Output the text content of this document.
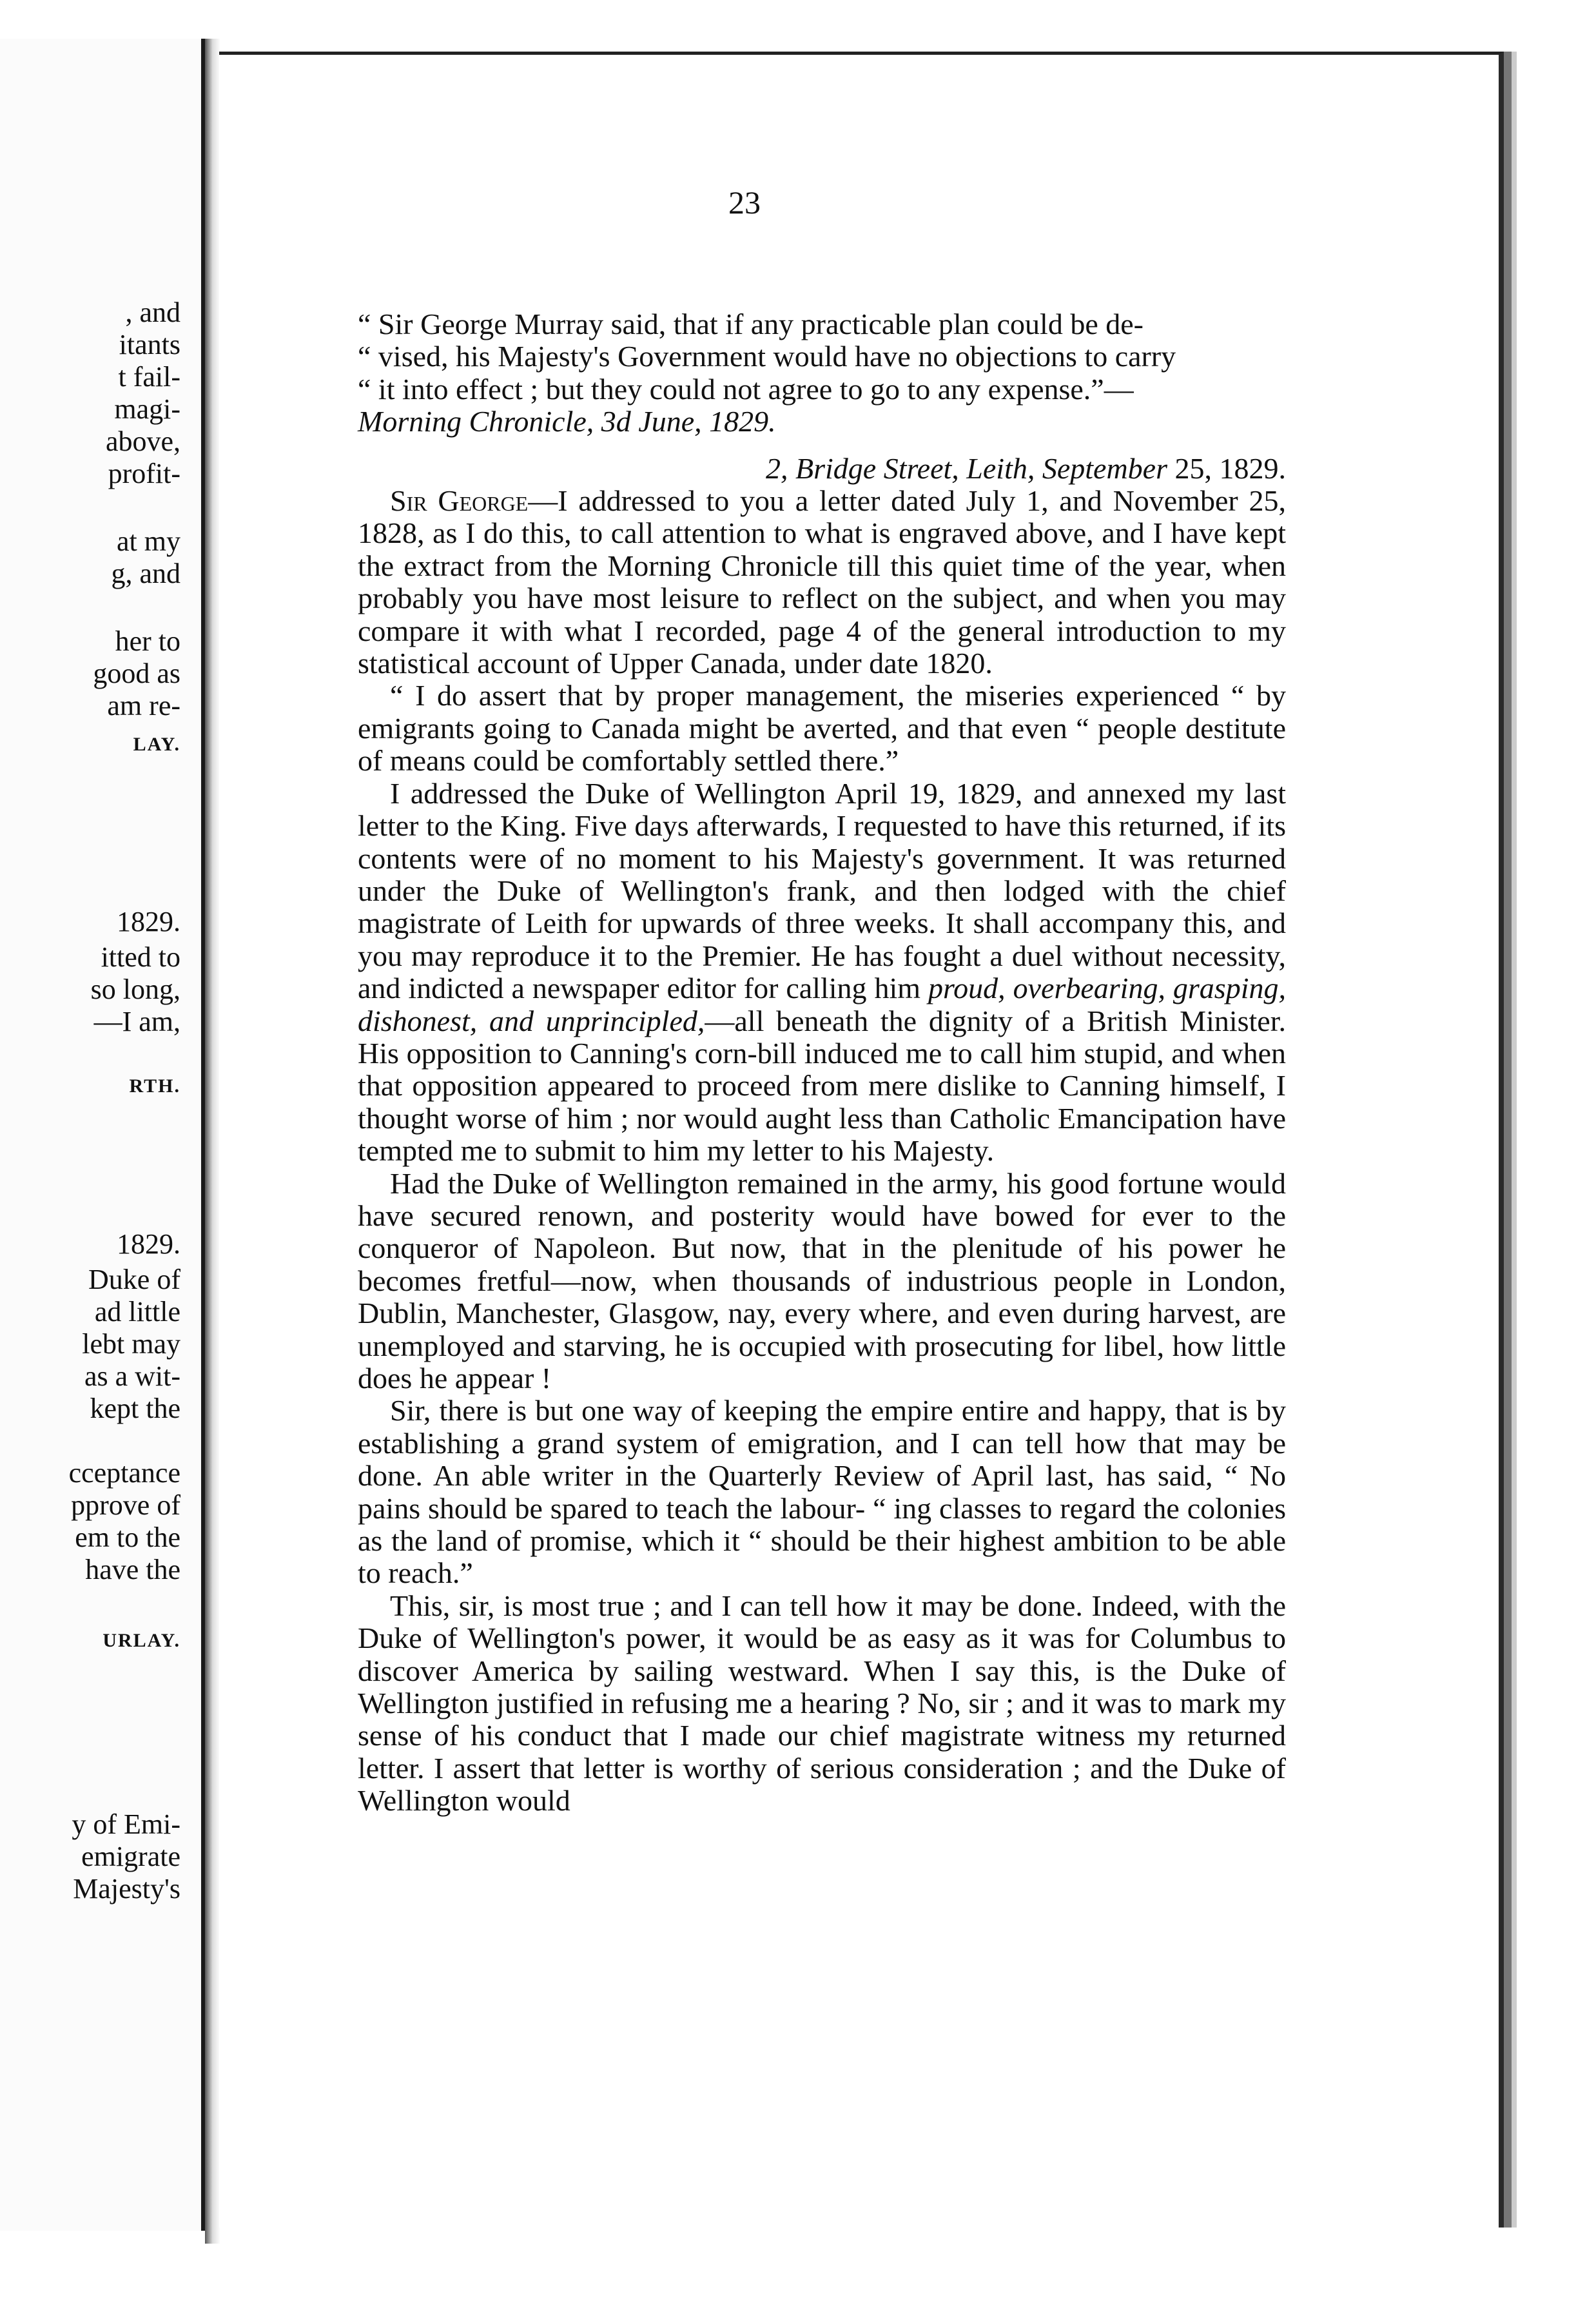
, and
itants
t fail-
magi-
above,
profit-
at my
g, and
her to
good as
am re-
LAY.
1829.
itted to
so long,
—I am,
RTH.
1829.
Duke of
ad little
lebt may
as a wit-
kept the
cceptance
pprove of
em to the
have the
URLAY.
y of Emi-
emigrate
Majesty's
23

“ Sir George Murray said, that if any practicable plan could be de-

“ vised, his Majesty's Government would have no objections to carry

“ it into effect ; but they could not agree to go to any expense.”—

Morning Chronicle, 3d June, 1829.

2, Bridge Street, Leith, September 25, 1829.

Sir George—I addressed to you a letter dated July 1, and November 25, 1828, as I do this, to call attention to what is engraved above, and I have kept the extract from the Morning Chronicle till this quiet time of the year, when probably you have most leisure to reflect on the subject, and when you may compare it with what I recorded, page 4 of the general introduction to my statistical account of Upper Canada, under date 1820.

“ I do assert that by proper management, the miseries experienced “ by emigrants going to Canada might be averted, and that even “ people destitute of means could be comfortably settled there.”

I addressed the Duke of Wellington April 19, 1829, and annexed my last letter to the King. Five days afterwards, I requested to have this returned, if its contents were of no moment to his Majesty's government. It was returned under the Duke of Wellington's frank, and then lodged with the chief magistrate of Leith for upwards of three weeks. It shall accompany this, and you may reproduce it to the Premier. He has fought a duel without necessity, and indicted a newspaper editor for calling him proud, overbearing, grasping, dishonest, and unprincipled,—all beneath the dignity of a British Minister. His opposition to Canning's corn-bill induced me to call him stupid, and when that opposition appeared to proceed from mere dislike to Canning himself, I thought worse of him ; nor would aught less than Catholic Emancipation have tempted me to submit to him my letter to his Majesty.

Had the Duke of Wellington remained in the army, his good fortune would have secured renown, and posterity would have bowed for ever to the conqueror of Napoleon. But now, that in the plenitude of his power he becomes fretful—now, when thousands of industrious people in London, Dublin, Manchester, Glasgow, nay, every where, and even during harvest, are unemployed and starving, he is occupied with prosecuting for libel, how little does he appear !

Sir, there is but one way of keeping the empire entire and happy, that is by establishing a grand system of emigration, and I can tell how that may be done. An able writer in the Quarterly Review of April last, has said, “ No pains should be spared to teach the labour- “ ing classes to regard the colonies as the land of promise, which it “ should be their highest ambition to be able to reach.”

This, sir, is most true ; and I can tell how it may be done. Indeed, with the Duke of Wellington's power, it would be as easy as it was for Columbus to discover America by sailing westward. When I say this, is the Duke of Wellington justified in refusing me a hearing ? No, sir ; and it was to mark my sense of his conduct that I made our chief magistrate witness my returned letter. I assert that letter is worthy of serious consideration ; and the Duke of Wellington would
